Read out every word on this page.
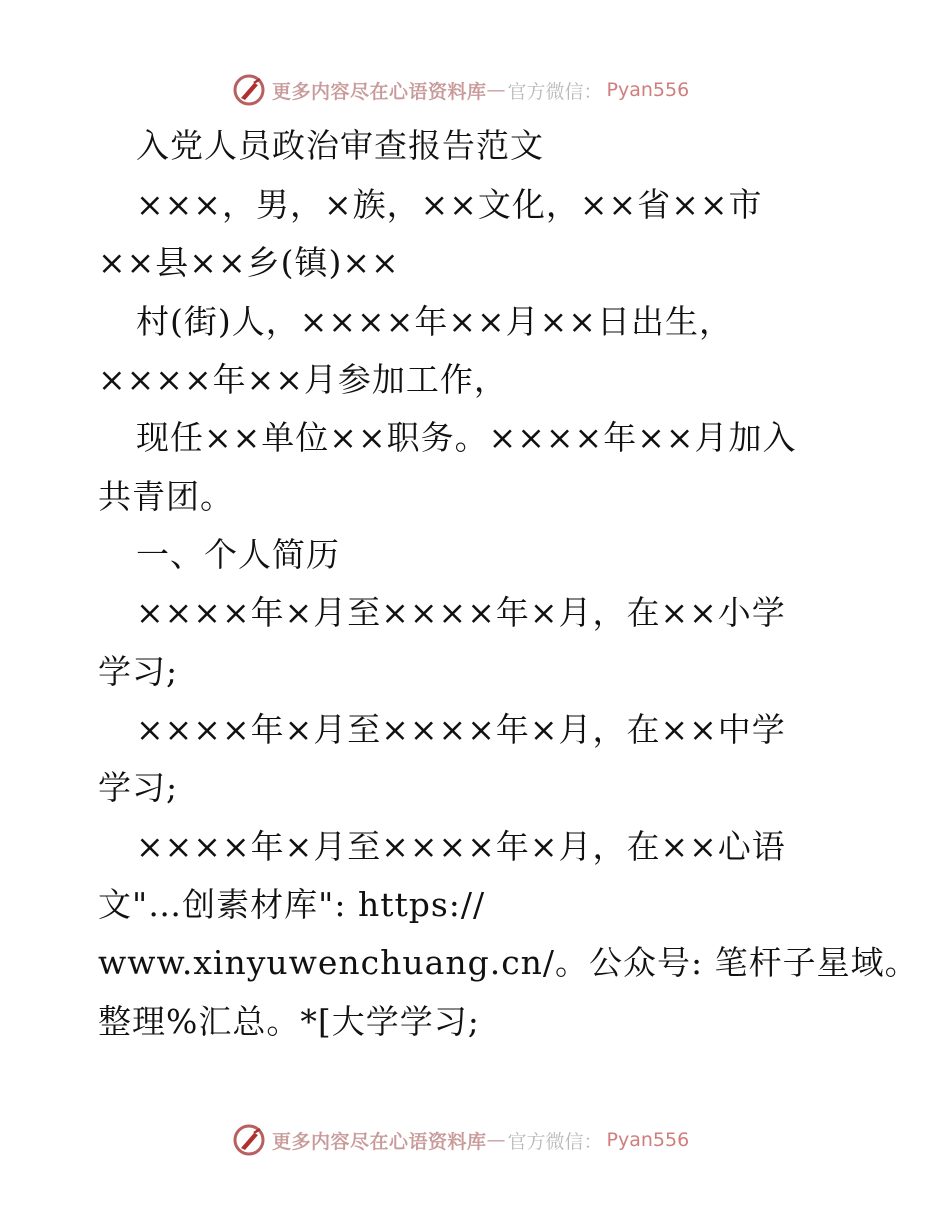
更多内容尽在心语资料库 — 官方微信： Pyan556
入党人员政治审查报告范文
×××，男，×族，××文化，××省××市
××县××乡(镇)××
村(街)人，××××年××月××日出生，
××××年××月参加工作，
现任××单位××职务。××××年××月加入
共青团。
一、个人简历
××××年×月至××××年×月，在××小学
学习;
××××年×月至××××年×月，在××中学
学习;
××××年×月至××××年×月，在××心语
文"…创素材库": https://
www.xinyuwenchuang.cn/。公众号: 笔杆子星域。
整理%汇总。*[大学学习;
更多内容尽在心语资料库 — 官方微信： Pyan556
